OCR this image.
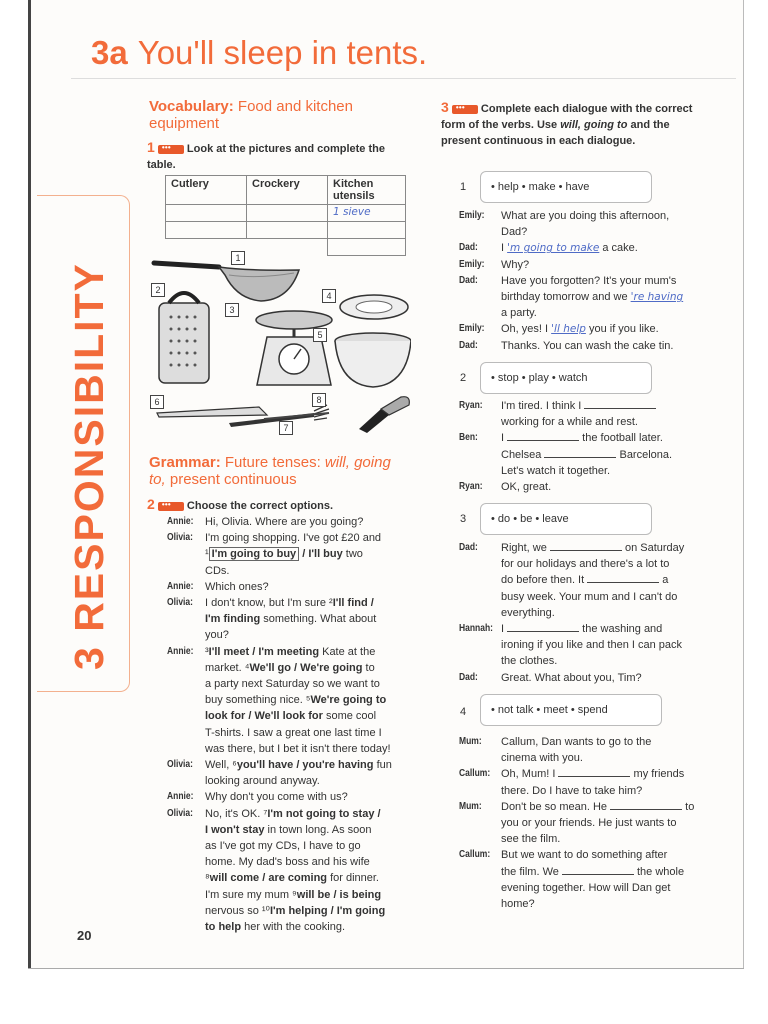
3a You'll sleep in tents.
3 RESPONSIBILITY
Vocabulary: Food and kitchen equipment
1 • • •	Look at the pictures and complete the table.
Cutlery	Crockery	Kitchen utensils
		1 sieve

1
2
3
4
5
6
7
8
Grammar: Future tenses: will, going to, present continuous
2 • • •	Choose the correct options.
Annie:	Hi, Olivia. Where are you going?
Olivia:	I'm going shopping. I've got £20 and
¹ I'm going to buy / I'll buy two
CDs.
Annie:	Which ones?
Olivia:	I don't know, but I'm sure ²I'll find /
I'm finding something. What about
you?
Annie:	³I'll meet / I'm meeting Kate at the
market. ⁴We'll go / We're going to
a party next Saturday so we want to
buy something nice. ⁵We're going to
look for / We'll look for some cool
T-shirts. I saw a great one last time I
was there, but I bet it isn't there today!
Olivia:	Well, ⁶you'll have / you're having fun
looking around anyway.
Annie:	Why don't you come with us?
Olivia:	No, it's OK. ⁷I'm not going to stay /
I won't stay in town long. As soon
as I've got my CDs, I have to go
home. My dad's boss and his wife
⁸will come / are coming for dinner.
I'm sure my mum ⁹will be / is being
nervous so ¹⁰I'm helping / I'm going
to help her with the cooking.
3 • • •	Complete each dialogue with the correct form of the verbs. Use will, going to and the present continuous in each dialogue.
1	• help • make • have
Emily:	What are you doing this afternoon,
Dad?
Dad:	I 'm going to make a cake.
Emily:	Why?
Dad:	Have you forgotten? It's your mum's
birthday tomorrow and we 're having
a party.
Emily:	Oh, yes! I 'll help you if you like.
Dad:	Thanks. You can wash the cake tin.
2	• stop • play • watch
Ryan:	I'm tired. I think I
working for a while and rest.
Ben:	I	the football later.
Chelsea	Barcelona.
Let's watch it together.
Ryan:	OK, great.
3	• do • be • leave
Dad:	Right, we	on Saturday
for our holidays and there's a lot to
do before then. It	a
busy week. Your mum and I can't do
everything.
Hannah: I	the washing and
ironing if you like and then I can pack
the clothes.
Dad:	Great. What about you, Tim?
4	• not talk • meet • spend
Mum:	Callum, Dan wants to go to the
cinema with you.
Callum: Oh, Mum! I	my friends
there. Do I have to take him?
Mum:	Don't be so mean. He	to
you or your friends. He just wants to
see the film.
Callum: But we want to do something after
the film. We	the whole
evening together. How will Dan get
home?
20
